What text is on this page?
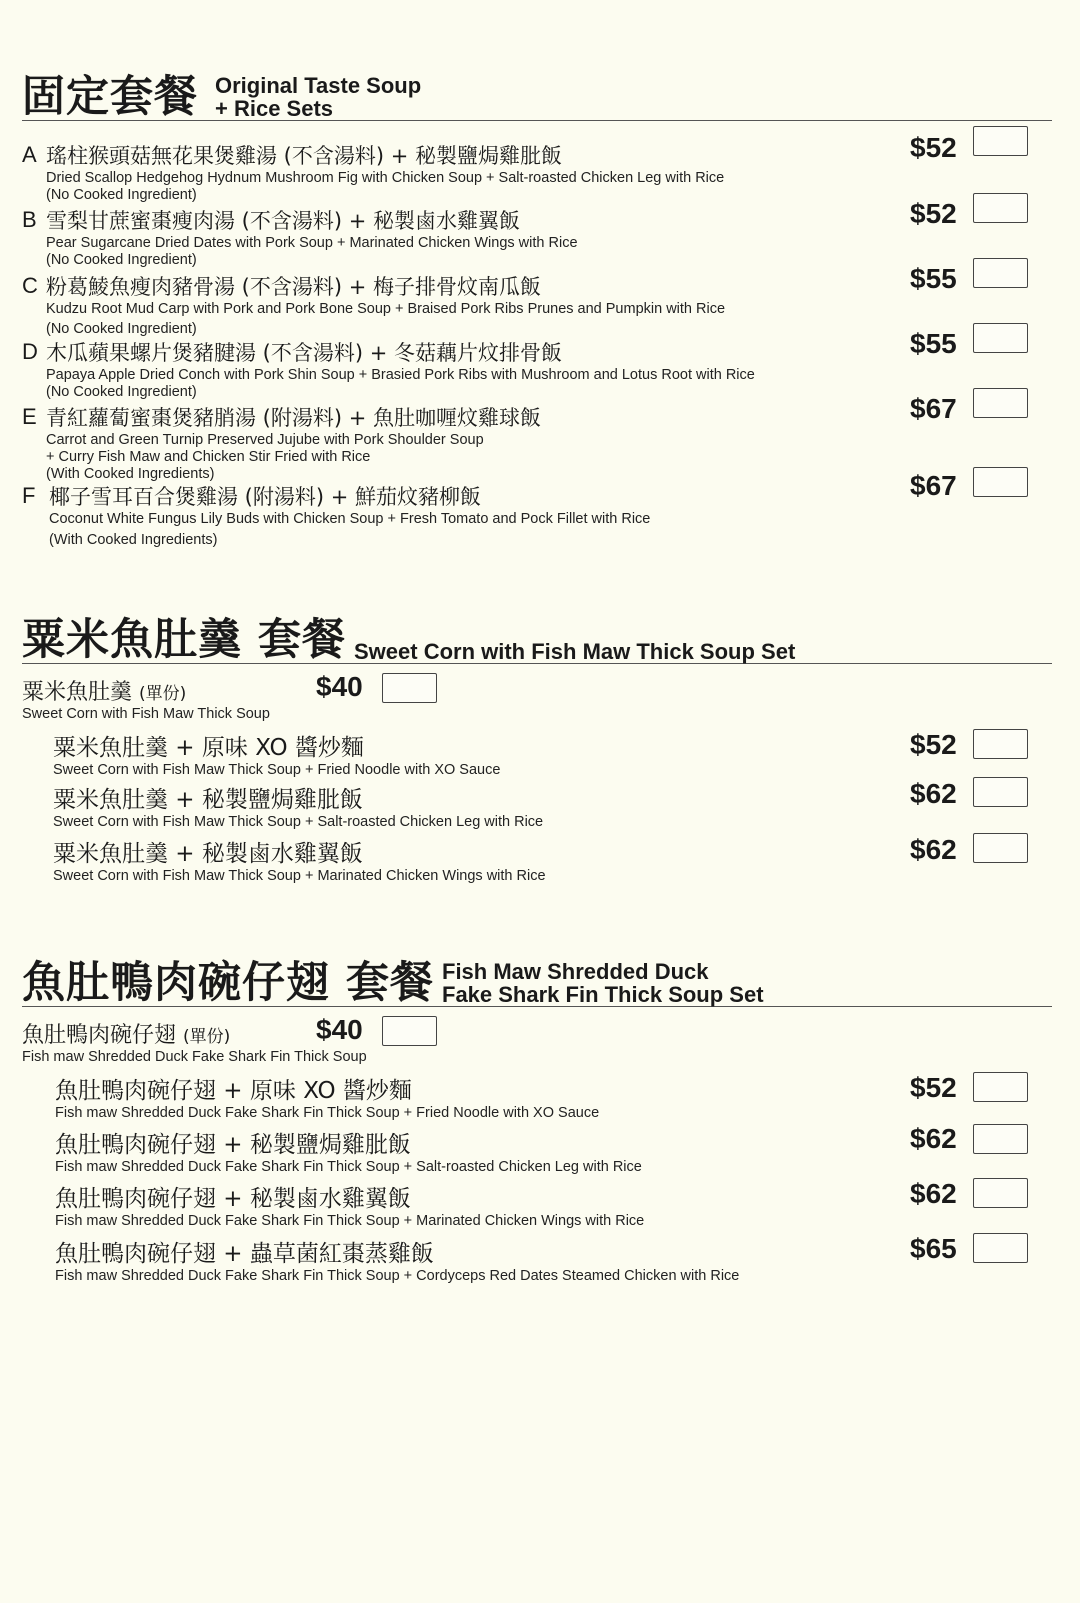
固定套餐 Original Taste Soup
+ Rice Sets
A 瑤柱猴頭菇無花果煲雞湯 (不含湯料) + 秘製鹽焗雞肶飯
Dried Scallop Hedgehog Hydnum Mushroom Fig with Chicken Soup + Salt-roasted Chicken Leg with Rice
(No Cooked Ingredient)
$52
B 雪梨甘蔗蜜棗瘦肉湯 (不含湯料) + 秘製鹵水雞翼飯
Pear Sugarcane Dried Dates with Pork Soup + Marinated Chicken Wings with Rice
(No Cooked Ingredient)
$52
C 粉葛鯪魚瘦肉豬骨湯 (不含湯料) + 梅子排骨炆南瓜飯
Kudzu Root Mud Carp with Pork and Pork Bone Soup + Braised Pork Ribs Prunes and Pumpkin with Rice
(No Cooked Ingredient)
$55
D 木瓜蘋果螺片煲豬腱湯 (不含湯料) + 冬菇藕片炆排骨飯
Papaya Apple Dried Conch with Pork Shin Soup + Brasied Pork Ribs with Mushroom and Lotus Root with Rice
(No Cooked Ingredient)
$55
E 青紅蘿蔔蜜棗煲豬䏴湯 (附湯料) + 魚肚咖喱炆雞球飯
Carrot and Green Turnip Preserved Jujube with Pork Shoulder Soup
+ Curry Fish Maw and Chicken Stir Fried with Rice
(With Cooked Ingredients)
$67
F 椰子雪耳百合煲雞湯 (附湯料) + 鮮茄炆豬柳飯
Coconut White Fungus Lily Buds with Chicken Soup + Fresh Tomato and Pock Fillet with Rice
(With Cooked Ingredients)
$67
粟米魚肚羹 套餐 Sweet Corn with Fish Maw Thick Soup Set
粟米魚肚羹 (單份)
Sweet Corn with Fish Maw Thick Soup
$40
粟米魚肚羹 + 原味 XO 醬炒麵
Sweet Corn with Fish Maw Thick Soup + Fried Noodle with XO Sauce
$52
粟米魚肚羹 + 秘製鹽焗雞肶飯
Sweet Corn with Fish Maw Thick Soup + Salt-roasted Chicken Leg with Rice
$62
粟米魚肚羹 + 秘製鹵水雞翼飯
Sweet Corn with Fish Maw Thick Soup + Marinated Chicken Wings with Rice
$62
魚肚鴨肉碗仔翅 套餐 Fish Maw Shredded Duck
Fake Shark Fin Thick Soup Set
魚肚鴨肉碗仔翅 (單份)
Fish maw Shredded Duck Fake Shark Fin Thick Soup
$40
魚肚鴨肉碗仔翅 + 原味 XO 醬炒麵
Fish maw Shredded Duck Fake Shark Fin Thick Soup + Fried Noodle with XO Sauce
$52
魚肚鴨肉碗仔翅 + 秘製鹽焗雞肶飯
Fish maw Shredded Duck Fake Shark Fin Thick Soup + Salt-roasted Chicken Leg with Rice
$62
魚肚鴨肉碗仔翅 + 秘製鹵水雞翼飯
Fish maw Shredded Duck Fake Shark Fin Thick Soup + Marinated Chicken Wings with Rice
$62
魚肚鴨肉碗仔翅 + 蟲草菌紅棗蒸雞飯
Fish maw Shredded Duck Fake Shark Fin Thick Soup + Cordyceps Red Dates Steamed Chicken with Rice
$65
